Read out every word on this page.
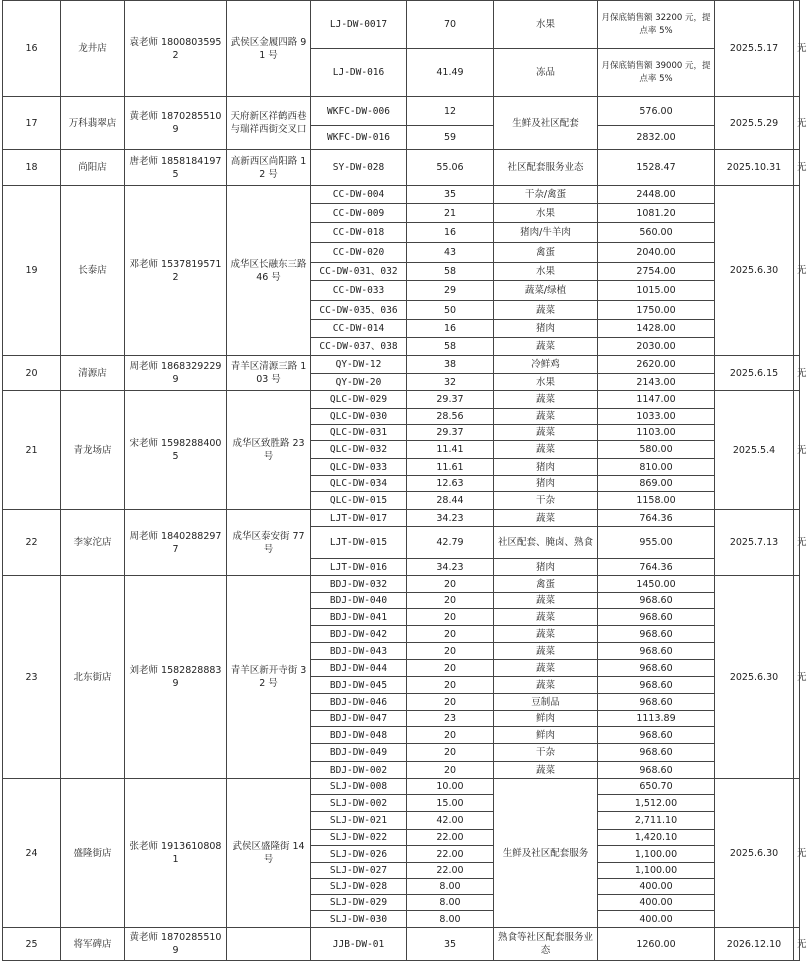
16	龙井店	袁老师 18008035952	武侯区金履四路 91 号	LJ-DW-0017	70	水果	月保底销售额 32200 元，提点率 5%	2025.5.17	无
				LJ-DW-016	41.49	冻品	月保底销售额 39000 元，提点率 5%		
17	万科翡翠店	黄老师 18702855109	天府新区祥鹤西巷与瑞祥西街交叉口	WKFC-DW-006	12	生鲜及社区配套	576.00	2025.5.29	无
				WKFC-DW-016	59		2832.00		
18	尚阳店	唐老师 18581841975	高新西区尚阳路 12 号	SY-DW-028	55.06	社区配套服务业态	1528.47	2025.10.31	无
19	长泰店	邓老师 15378195712	成华区长融东三路 46 号	CC-DW-004	35	干杂/禽蛋	2448.00	2025.6.30	无
				CC-DW-009	21	水果	1081.20		
				CC-DW-018	16	猪肉/牛羊肉	560.00		
				CC-DW-020	43	禽蛋	2040.00		
				CC-DW-031、032	58	水果	2754.00		
				CC-DW-033	29	蔬菜/绿植	1015.00		
				CC-DW-035、036	50	蔬菜	1750.00		
				CC-DW-014	16	猪肉	1428.00		
				CC-DW-037、038	58	蔬菜	2030.00		
20	清源店	周老师 18683292299	青羊区清源三路 103 号	QY-DW-12	38	冷鲜鸡	2620.00	2025.6.15	无
				QY-DW-20	32	水果	2143.00		
21	青龙场店	宋老师 15982884005	成华区致胜路 23 号	QLC-DW-029	29.37	蔬菜	1147.00	2025.5.4	无
				QLC-DW-030	28.56	蔬菜	1033.00		
				QLC-DW-031	29.37	蔬菜	1103.00		
				QLC-DW-032	11.41	蔬菜	580.00		
				QLC-DW-033	11.61	猪肉	810.00		
				QLC-DW-034	12.63	猪肉	869.00		
				QLC-DW-015	28.44	干杂	1158.00		
22	李家沱店	周老师 18402882977	成华区泰安街 77 号	LJT-DW-017	34.23	蔬菜	764.36	2025.7.13	无
				LJT-DW-015	42.79	社区配套、腌卤、熟食	955.00		
				LJT-DW-016	34.23	猪肉	764.36		
23	北东街店	刘老师 15828288839	青羊区新开寺街 32 号	BDJ-DW-032	20	禽蛋	1450.00	2025.6.30	无
				BDJ-DW-040	20	蔬菜	968.60		
				BDJ-DW-041	20	蔬菜	968.60		
				BDJ-DW-042	20	蔬菜	968.60		
				BDJ-DW-043	20	蔬菜	968.60		
				BDJ-DW-044	20	蔬菜	968.60		
				BDJ-DW-045	20	蔬菜	968.60		
				BDJ-DW-046	20	豆制品	968.60		
				BDJ-DW-047	23	鲜肉	1113.89		
				BDJ-DW-048	20	鲜肉	968.60		
				BDJ-DW-049	20	干杂	968.60		
				BDJ-DW-002	20	蔬菜	968.60		
24	盛隆街店	张老师 19136108081	武侯区盛隆街 14 号	SLJ-DW-008	10.00	生鲜及社区配套服务	650.70	2025.6.30	无
				SLJ-DW-002	15.00		1,512.00		
				SLJ-DW-021	42.00		2,711.10		
				SLJ-DW-022	22.00		1,420.10		
				SLJ-DW-026	22.00		1,100.00		
				SLJ-DW-027	22.00		1,100.00		
				SLJ-DW-028	8.00		400.00		
				SLJ-DW-029	8.00		400.00		
				SLJ-DW-030	8.00		400.00		
25	将军碑店	黄老师 18702855109		JJB-DW-01	35	熟食等社区配套服务业态	1260.00	2026.12.10	无
